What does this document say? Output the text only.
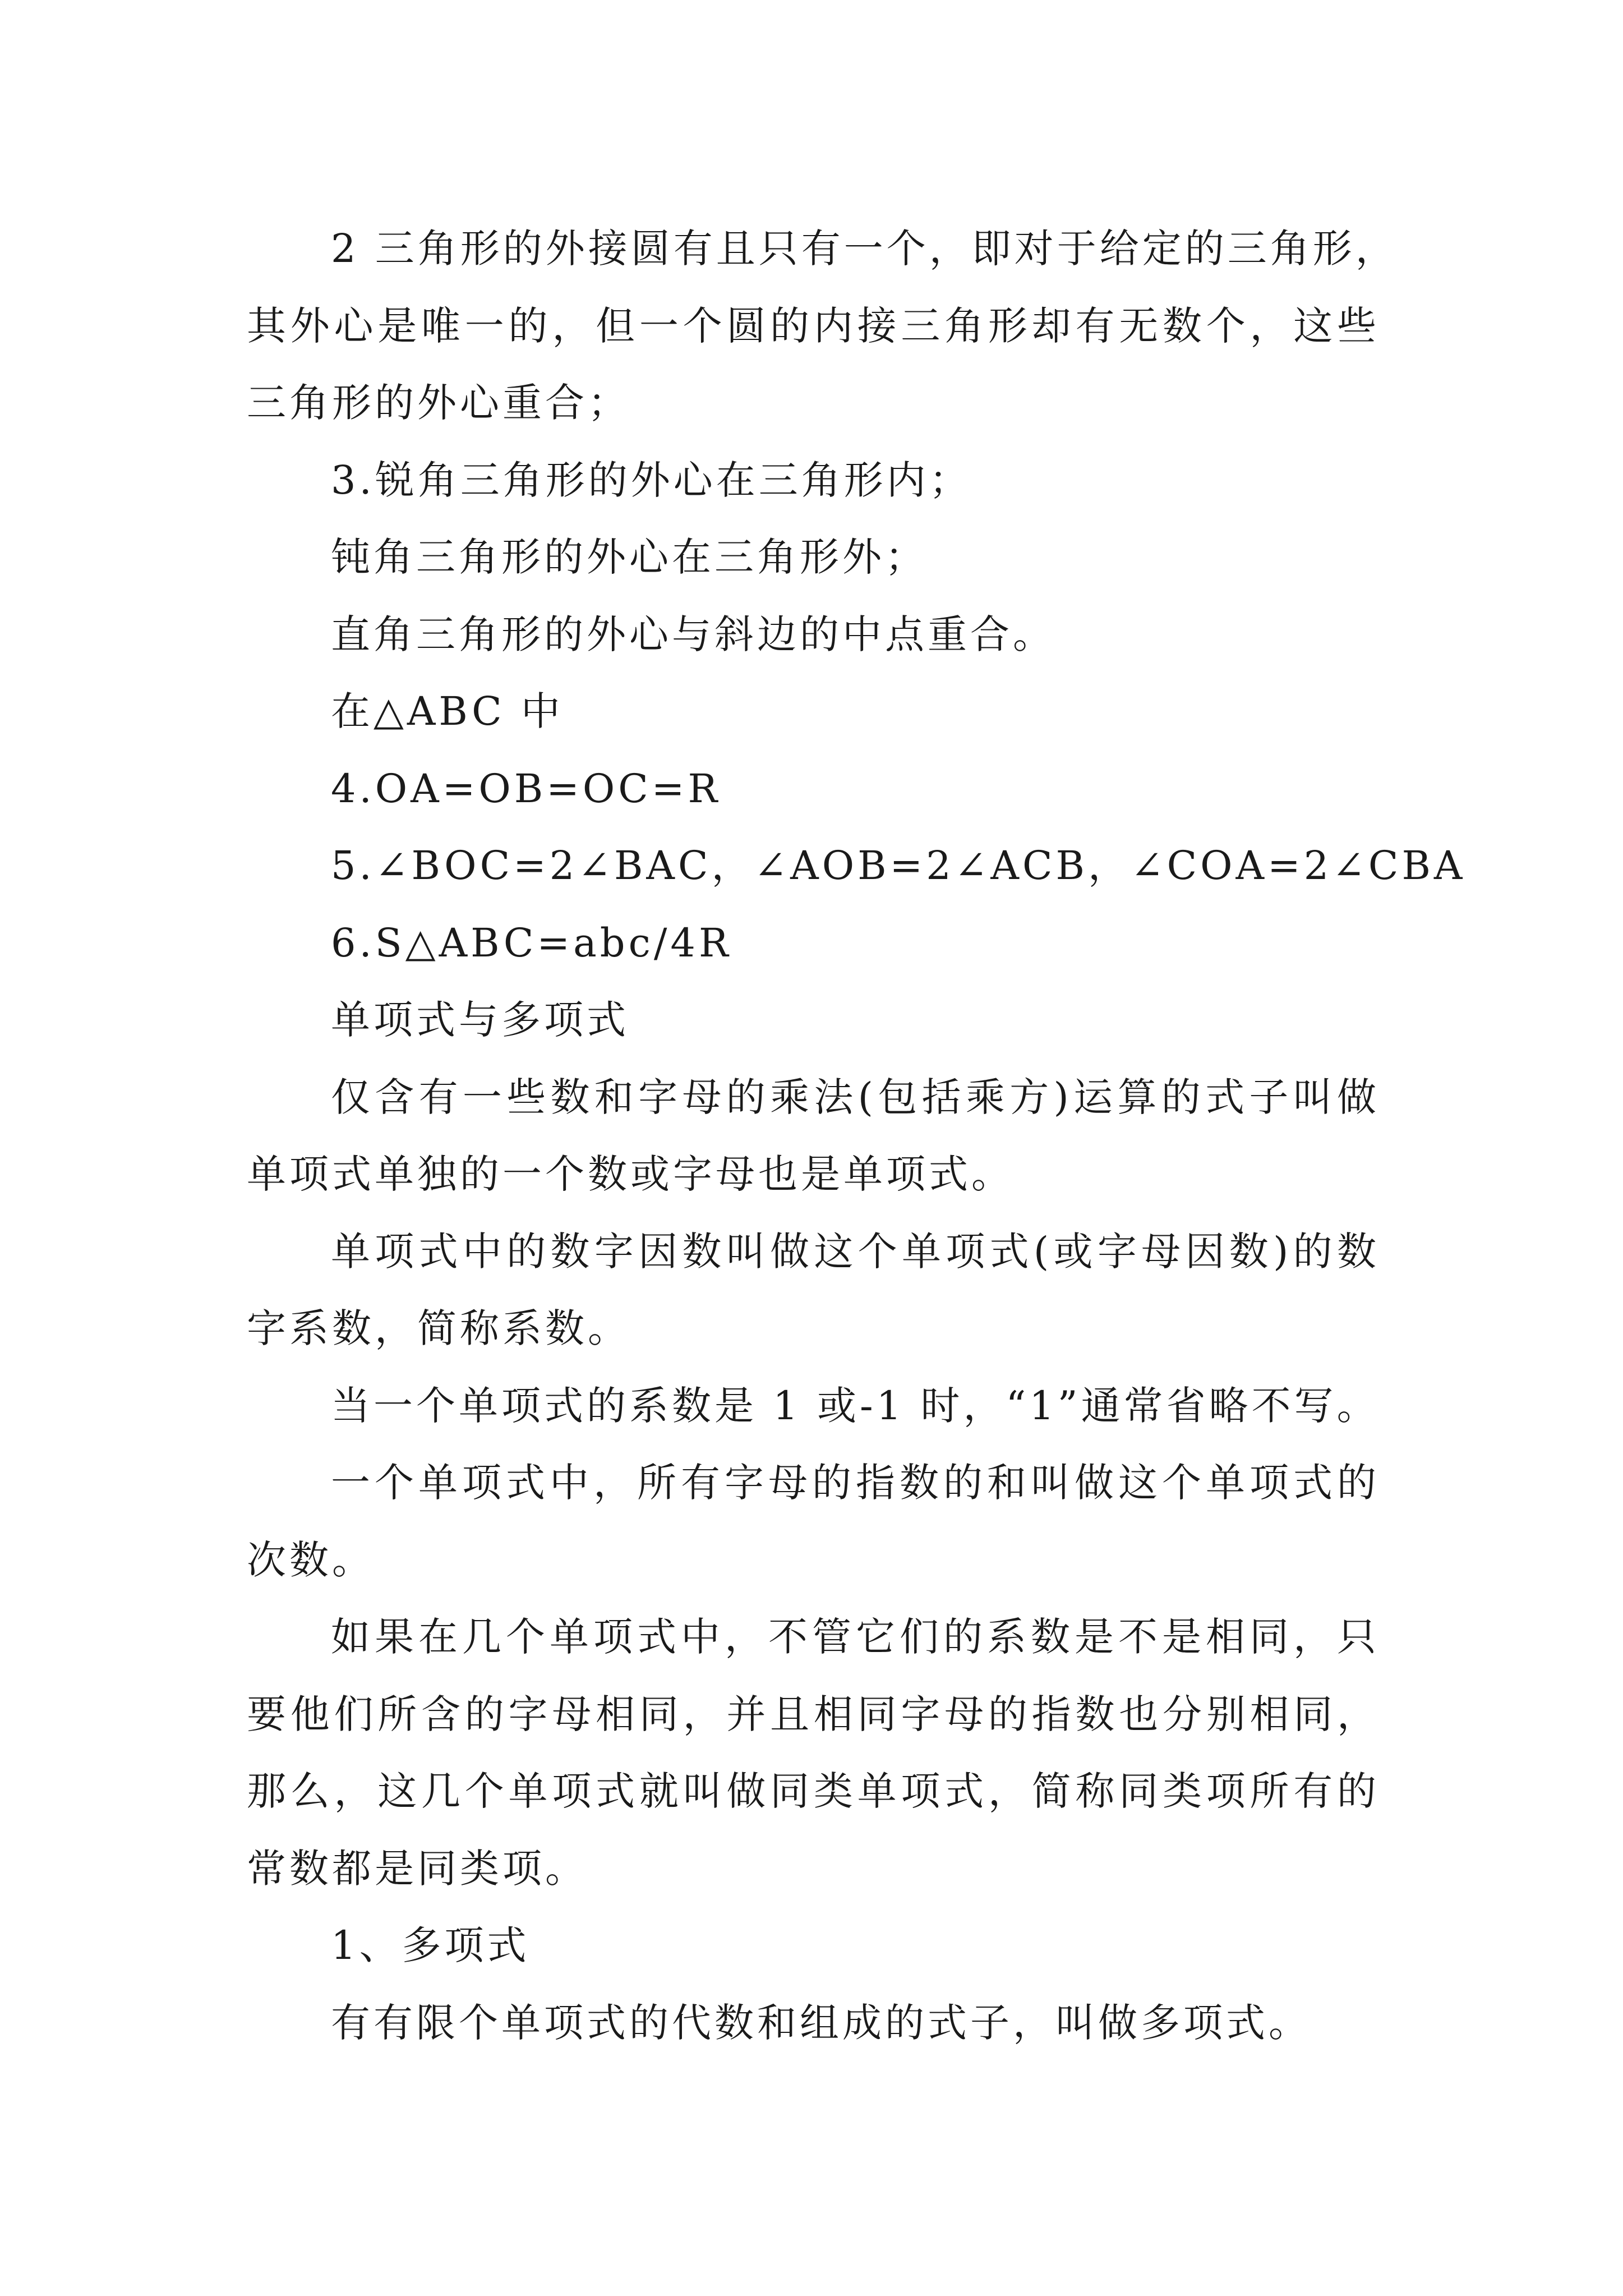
2 三角形的外接圆有且只有一个，即对于给定的三角形，
其外心是唯一的，但一个圆的内接三角形却有无数个，这些
三角形的外心重合；
3.锐角三角形的外心在三角形内；
钝角三角形的外心在三角形外；
直角三角形的外心与斜边的中点重合。
在△ABC 中
4.OA=OB=OC=R
5.∠BOC=2∠BAC，∠AOB=2∠ACB，∠COA=2∠CBA
6.S△ABC=abc/4R
单项式与多项式
仅含有一些数和字母的乘法(包括乘方)运算的式子叫做
单项式单独的一个数或字母也是单项式。
单项式中的数字因数叫做这个单项式(或字母因数)的数
字系数，简称系数。
当一个单项式的系数是 1 或-1 时，“1”通常省略不写。
一个单项式中，所有字母的指数的和叫做这个单项式的
次数。
如果在几个单项式中，不管它们的系数是不是相同，只
要他们所含的字母相同，并且相同字母的指数也分别相同，
那么，这几个单项式就叫做同类单项式，简称同类项所有的
常数都是同类项。
1、多项式
有有限个单项式的代数和组成的式子，叫做多项式。
